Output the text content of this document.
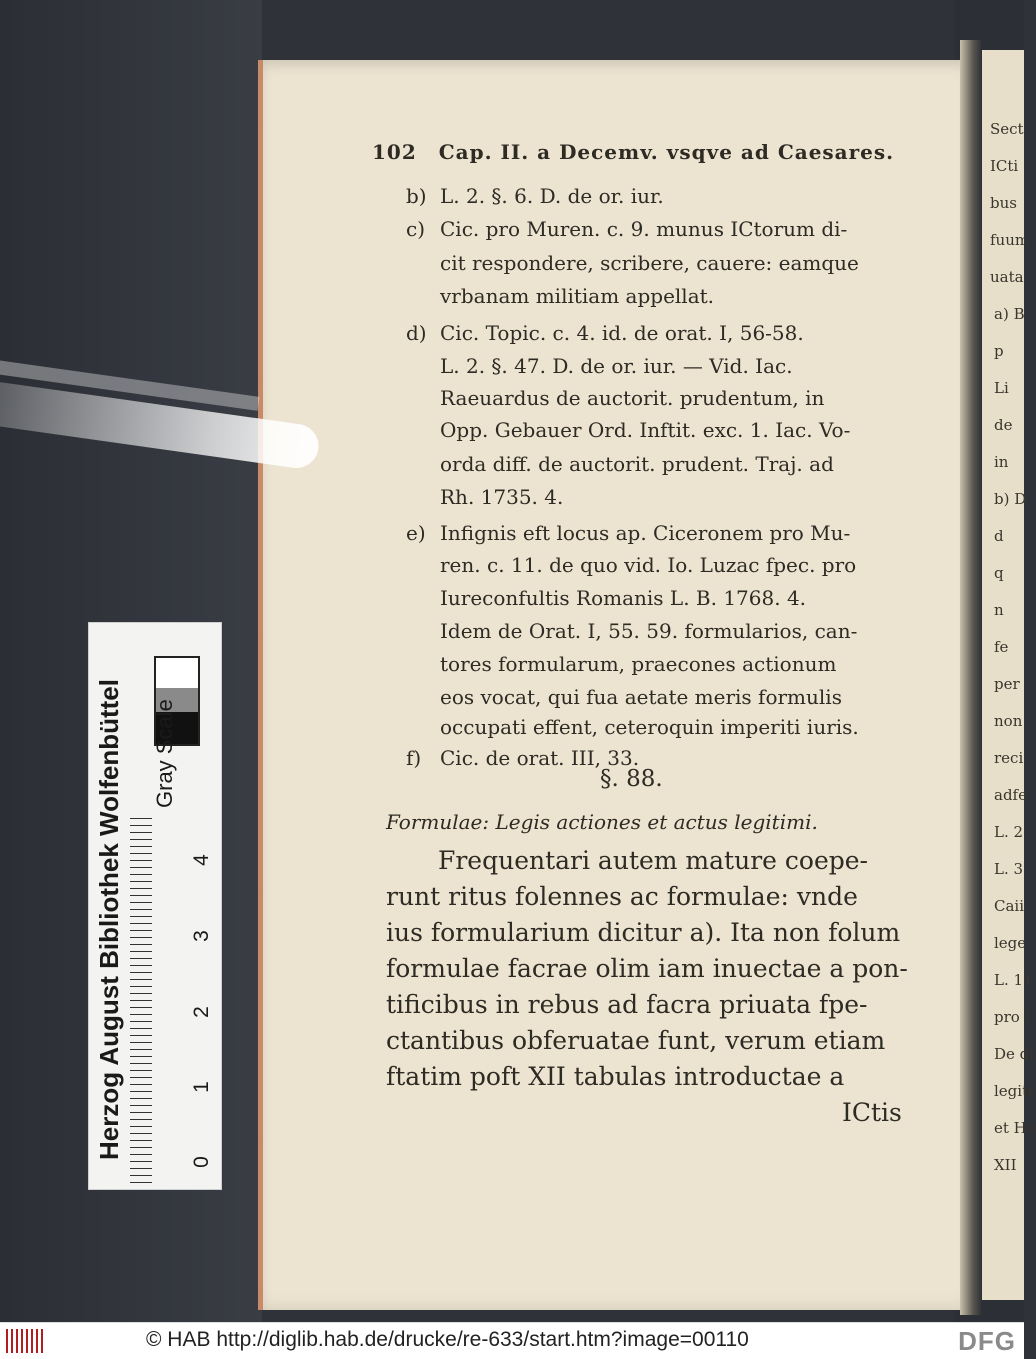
Sect.
ICti
bus
fuum
uata
a) B
p
Li
de
in
b) D
d
q
n
fe
per
non
reci
adfe
L. 2
L. 3.
Caii
lege
L. 11
pro I
De di
legiti
et Ho
XII
102 Cap. II. a Decemv. vsqve ad Caesares.
b) L. 2. §. 6. D. de or. iur.
c) Cic. pro Muren. c. 9. munus ICtorum di-
cit respondere, scribere, cauere: eamque
vrbanam militiam appellat.
d) Cic. Topic. c. 4. id. de orat. I, 56-58.
L. 2. §. 47. D. de or. iur. — Vid. Iac.
Raeuardus de auctorit. prudentum, in
Opp. Gebauer Ord. Inftit. exc. 1. Iac. Vo-
orda diff. de auctorit. prudent. Traj. ad
Rh. 1735. 4.
e) Infignis eft locus ap. Ciceronem pro Mu-
ren. c. 11. de quo vid. Io. Luzac fpec. pro
Iureconfultis Romanis L. B. 1768. 4.
Idem de Orat. I, 55. 59. formularios, can-
tores formularum, praecones actionum
eos vocat, qui fua aetate meris formulis
occupati effent, ceteroquin imperiti iuris.
f) Cic. de orat. III, 33.
§. 88.
Formulae: Legis actiones et actus legitimi.
Frequentari autem mature coepe-
runt ritus folennes ac formulae: vnde
ius formularium dicitur a). Ita non folum
formulae facrae olim iam inuectae a pon-
tificibus in rebus ad facra priuata fpe-
ctantibus obferuatae funt, verum etiam
ftatim poft XII tabulas introductae a
ICtis
Herzog August Bibliothek Wolfenbüttel Gray Scale
0
1
2
3
4
© HAB http://diglib.hab.de/drucke/re-633/start.htm?image=00110	DFG
